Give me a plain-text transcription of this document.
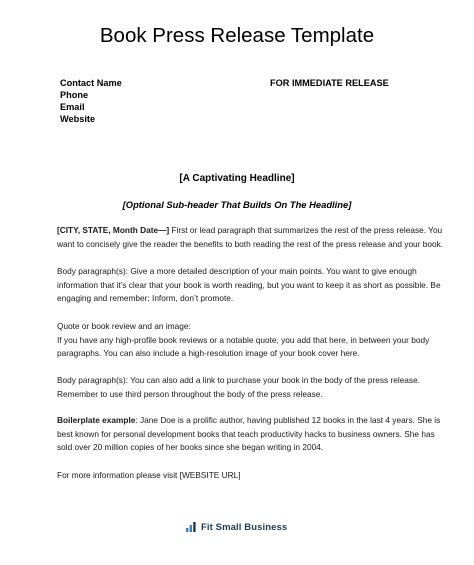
Book Press Release Template
Contact Name
Phone
Email
Website
FOR IMMEDIATE RELEASE
[A Captivating Headline]
[Optional Sub-header That Builds On The Headline]
[CITY, STATE, Month Date—] First or lead paragraph that summarizes the rest of the press release. You
want to concisely give the reader the benefits to both reading the rest of the press release and your book.
Body paragraph(s): Give a more detailed description of your main points. You want to give enough
information that it’s clear that your book is worth reading, but you want to keep it as short as possible. Be
engaging and remember: Inform, don’t promote.
Quote or book review and an image:
If you have any high-profile book reviews or a notable quote, you add that here, in between your body
paragraphs. You can also include a high-resolution image of your book cover here.
Body paragraph(s): You can also add a link to purchase your book in the body of the press release.
Remember to use third person throughout the body of the press release.
Boilerplate example: Jane Doe is a prolific author, having published 12 books in the last 4 years. She is
best known for personal development books that teach productivity hacks to business owners. She has
sold over 20 million copies of her books since she began writing in 2004.
For more information please visit [WEBSITE URL]
Fit Small Business
